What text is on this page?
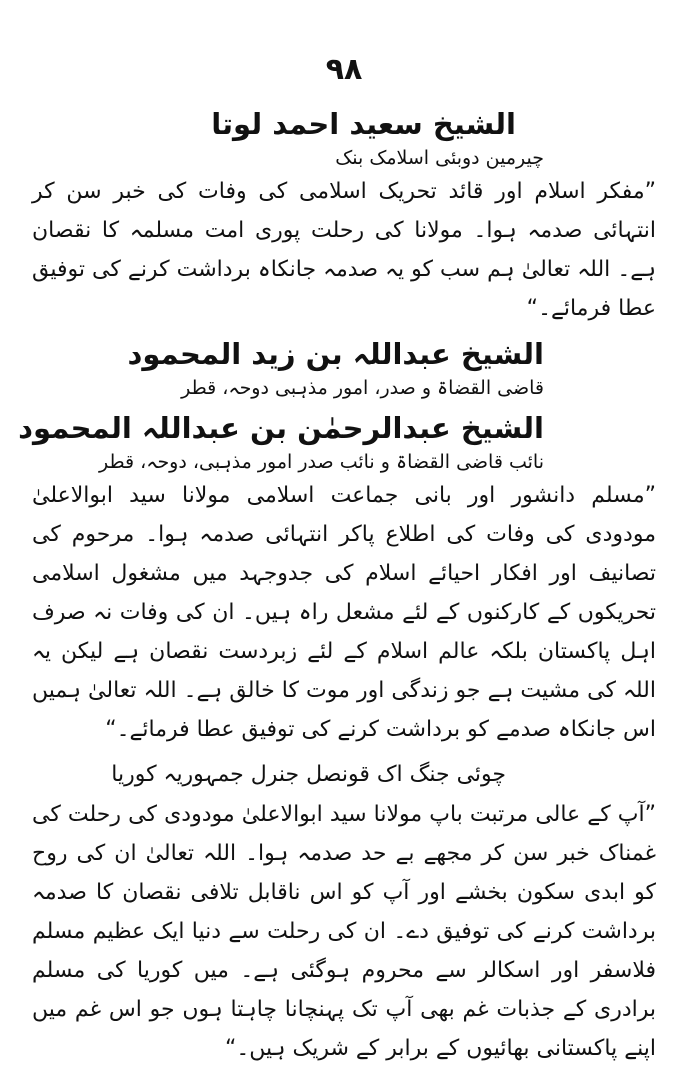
۹۸
الشیخ سعید احمد لوتا
چیرمین دوبئی اسلامک بنک
”مفکر اسلام اور قائد تحریک اسلامی کی وفات کی خبر سن کر انتہائی صدمہ ہوا۔ مولانا کی رحلت پوری امت مسلمہ کا نقصان ہے۔ اللہ تعالیٰ ہم سب کو یہ صدمہ جانکاہ برداشت کرنے کی توفیق عطا فرمائے۔“
الشیخ عبداللہ بن زید المحمود
قاضی القضاۃ و صدر، امور مذہبی دوحہ، قطر
الشیخ عبدالرحمٰن بن عبداللہ المحمود
نائب قاضی القضاۃ و نائب صدر امور مذہبی، دوحہ، قطر
”مسلم دانشور اور بانی جماعت اسلامی مولانا سید ابوالاعلیٰ مودودی کی وفات کی اطلاع پاکر انتہائی صدمہ ہوا۔ مرحوم کی تصانیف اور افکار احیائے اسلام کی جدوجہد میں مشغول اسلامی تحریکوں کے کارکنوں کے لئے مشعل راہ ہیں۔ ان کی وفات نہ صرف اہل پاکستان بلکہ عالم اسلام کے لئے زبردست نقصان ہے لیکن یہ اللہ کی مشیت ہے جو زندگی اور موت کا خالق ہے۔ اللہ تعالیٰ ہمیں اس جانکاہ صدمے کو برداشت کرنے کی توفیق عطا فرمائے۔“
چوئی جنگ اک قونصل جنرل جمہوریہ کوریا
”آپ کے عالی مرتبت باپ مولانا سید ابوالاعلیٰ مودودی کی رحلت کی غمناک خبر سن کر مجھے بے حد صدمہ ہوا۔ اللہ تعالیٰ ان کی روح کو ابدی سکون بخشے اور آپ کو اس ناقابل تلافی نقصان کا صدمہ برداشت کرنے کی توفیق دے۔ ان کی رحلت سے دنیا ایک عظیم مسلم فلاسفر اور اسکالر سے محروم ہوگئی ہے۔ میں کوریا کی مسلم برادری کے جذبات غم بھی آپ تک پہنچانا چاہتا ہوں جو اس غم میں اپنے پاکستانی بھائیوں کے برابر کے شریک ہیں۔“
